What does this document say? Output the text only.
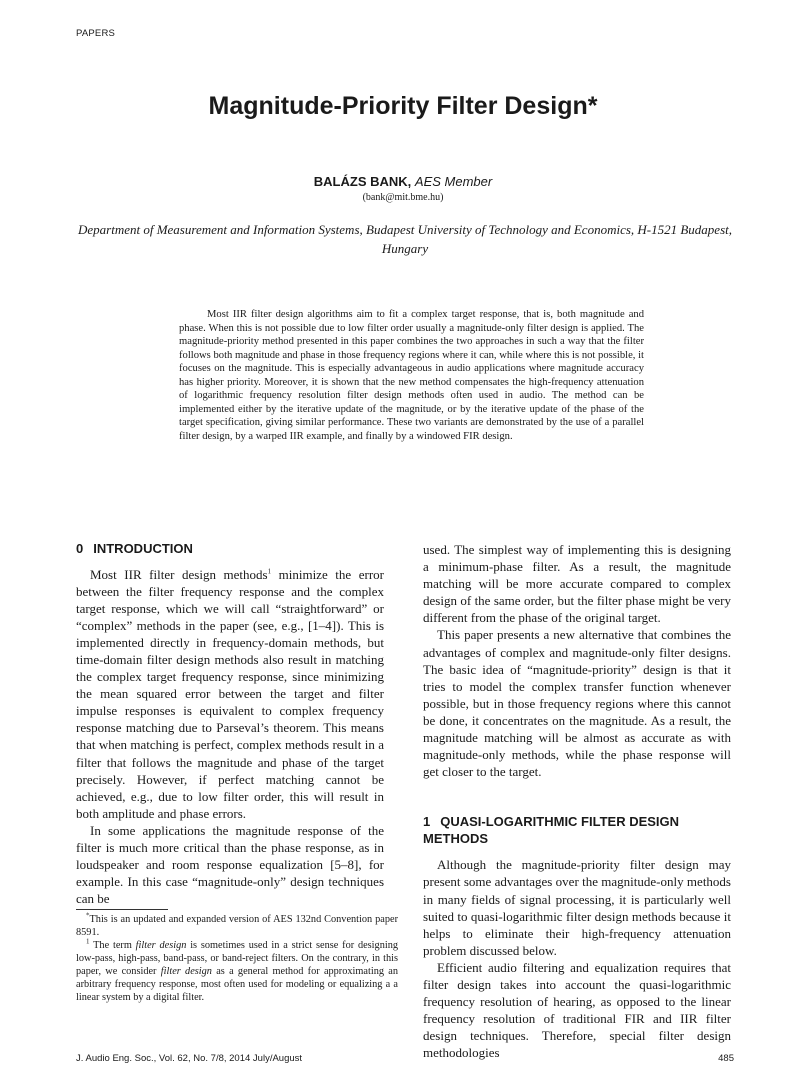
PAPERS
Magnitude-Priority Filter Design*
BALÁZS BANK, AES Member
(bank@mit.bme.hu)
Department of Measurement and Information Systems, Budapest University of Technology and Economics, H-1521 Budapest, Hungary

Most IIR filter design algorithms aim to fit a complex target response, that is, both magnitude and phase. When this is not possible due to low filter order usually a magnitude-only filter design is applied. The magnitude-priority method presented in this paper combines the two approaches in such a way that the filter follows both magnitude and phase in those frequency regions where it can, while where this is not possible, it focuses on the magnitude. This is especially advantageous in audio applications where magnitude accuracy has higher priority. Moreover, it is shown that the new method compensates the high-frequency attenuation of logarithmic frequency resolution filter design methods often used in audio. The method can be implemented either by the iterative update of the magnitude, or by the iterative update of the phase of the target specification, giving similar performance. These two variants are demonstrated by the use of a parallel filter design, by a warped IIR example, and finally by a windowed FIR design.

0 INTRODUCTION

Most IIR filter design methods$^1$ minimize the error between the filter frequency response and the complex target response, which we will call “straightforward” or “complex” methods in the paper (see, e.g., [1–4]). This is implemented directly in frequency-domain methods, but time-domain filter design methods also result in matching the complex target frequency response, since minimizing the mean squared error between the target and filter impulse responses is equivalent to complex frequency response matching due to Parseval’s theorem. This means that when matching is perfect, complex methods result in a filter that follows the magnitude and phase of the target precisely. However, if perfect matching cannot be achieved, e.g., due to low filter order, this will result in both amplitude and phase errors.

In some applications the magnitude response of the filter is much more critical than the phase response, as in loudspeaker and room response equalization [5–8], for example. In this case “magnitude-only” design techniques can be

*This is an updated and expanded version of AES 132nd Convention paper 8591.

$^1$ The term filter design is sometimes used in a strict sense for designing low-pass, high-pass, band-pass, or band-reject filters. On the contrary, in this paper, we consider filter design as a general method for approximating an arbitrary frequency response, most often used for modeling or equalizing a a linear system by a digital filter.

used. The simplest way of implementing this is designing a minimum-phase filter. As a result, the magnitude matching will be more accurate compared to complex design of the same order, but the filter phase might be very different from the phase of the original target.

This paper presents a new alternative that combines the advantages of complex and magnitude-only filter designs. The basic idea of “magnitude-priority” design is that it tries to model the complex transfer function whenever possible, but in those frequency regions where this cannot be done, it concentrates on the magnitude. As a result, the magnitude matching will be almost as accurate as with magnitude-only methods, while the phase response will get closer to the target.

1 QUASI-LOGARITHMIC FILTER DESIGN METHODS

Although the magnitude-priority filter design may present some advantages over the magnitude-only methods in many fields of signal processing, it is particularly well suited to quasi-logarithmic filter design methods because it helps to eliminate their high-frequency attenuation problem discussed below.

Efficient audio filtering and equalization requires that filter design takes into account the quasi-logarithmic frequency resolution of hearing, as opposed to the linear frequency resolution of traditional FIR and IIR filter design techniques. Therefore, special filter design methodologies

J. Audio Eng. Soc., Vol. 62, No. 7/8, 2014 July/August	485
